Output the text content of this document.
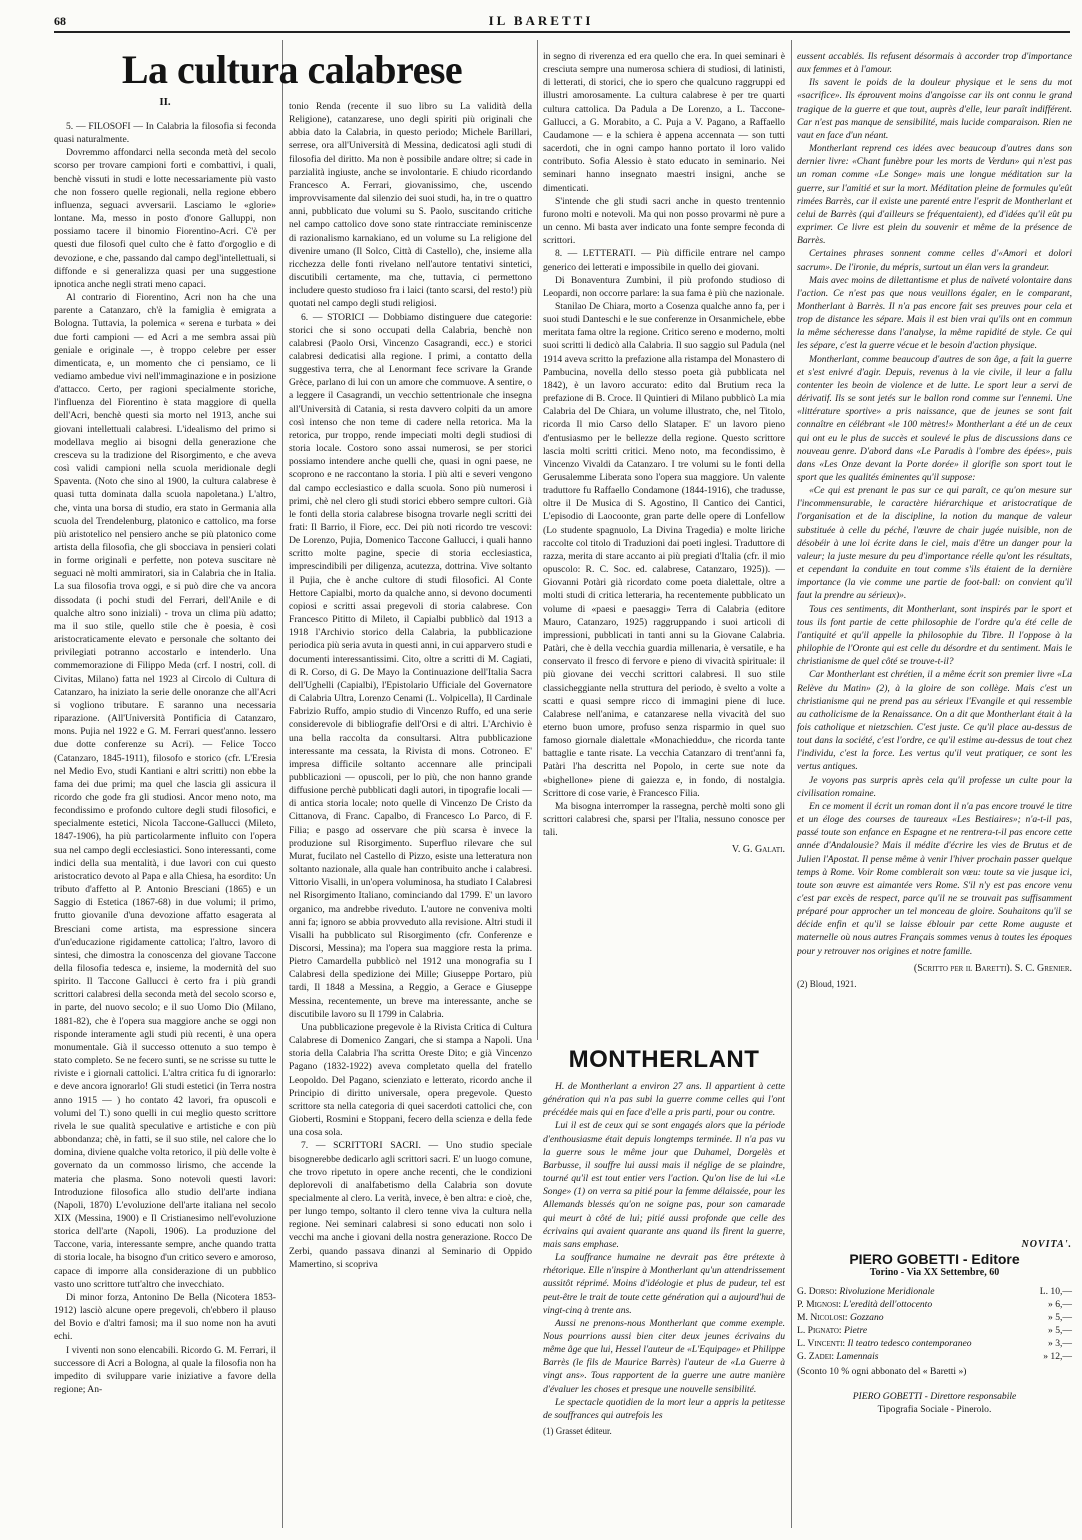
68	IL BARETTI
La cultura calabrese
II.

5. — FILOSOFI — In Calabria la filosofia si feconda quasi naturalmente.

Dovremmo affondarci nella seconda metà del secolo scorso per trovare campioni forti e combattivi, i quali, benchè vissuti in studi e lotte necessariamente più vasto che non fossero quelle regionali, nella regione ebbero influenza, seguaci avversarii. Lasciamo le «glorie» lontane. Ma, messo in posto d'onore Galluppi, non possiamo tacere il binomio Fiorentino-Acri. C'è per questi due filosofi quel culto che è fatto d'orgoglio e di devozione, e che, passando dal campo degl'intellettuali, si diffonde e si generalizza quasi per una suggestione ipnotica anche negli strati meno capaci.

Al contrario di Fiorentino, Acri non ha che una parente a Catanzaro, ch'è la famiglia è emigrata a Bologna. Tuttavia, la polemica « serena e turbata » dei due forti campioni — ed Acri a me sembra assai più geniale e originale —, è troppo celebre per esser dimenticata, e, un momento che ci pensiamo, ce li vediamo ambedue vivi nell'immaginazione e in posizione d'attacco. Certo, per ragioni specialmente storiche, l'influenza del Fiorentino è stata maggiore di quella dell'Acri, benchè questi sia morto nel 1913, anche sui giovani intellettuali calabresi. L'idealismo del primo si modellava meglio ai bisogni della generazione che cresceva su la tradizione del Risorgimento, e che aveva così validi campioni nella scuola meridionale degli Spaventa. (Noto che sino al 1900, la cultura calabrese è quasi tutta dominata dalla scuola napoletana.) L'altro, che, vinta una borsa di studio, era stato in Germania alla scuola del Trendelenburg, platonico e cattolico, ma forse più aristotelico nel pensiero anche se più platonico come artista della filosofia, che gli sbocciava in pensieri colati in forme originali e perfette, non poteva suscitare nè seguaci nè molti ammiratori, sia in Calabria che in Italia. La sua filosofia trova oggi, e si può dire che va ancora dissodata (i pochi studi del Ferrari, dell'Anile e di qualche altro sono iniziali) - trova un clima più adatto; ma il suo stile, quello stile che è poesia, è così aristocraticamente elevato e personale che soltanto dei privilegiati potranno accostarlo e intenderlo. Una commemorazione di Filippo Meda (crf. I nostri, coll. di Civitas, Milano) fatta nel 1923 al Circolo di Cultura di Catanzaro, ha iniziato la serie delle onoranze che all'Acri si vogliono tributare. E saranno una necessaria riparazione. (All'Università Pontificia di Catanzaro, mons. Pujia nel 1922 e G. M. Ferrari quest'anno. lessero due dotte conferenze su Acri). — Felice Tocco (Catanzaro, 1845-1911), filosofo e storico (cfr. L'Eresia nel Medio Evo, studi Kantiani e altri scritti) non ebbe la fama dei due primi; ma quel che lascia gli assicura il ricordo che gode fra gli studiosi. Ancor meno noto, ma fecondissimo e profondo cultore degli studi filosofici, e specialmente estetici, Nicola Taccone-Gallucci (Mileto, 1847-1906), ha più particolarmente influito con l'opera sua nel campo degli ecclesiastici. Sono interessanti, come indici della sua mentalità, i due lavori con cui questo aristocratico devoto al Papa e alla Chiesa, ha esordito: Un tributo d'affetto al P. Antonio Bresciani (1865) e un Saggio di Estetica (1867-68) in due volumi; il primo, frutto giovanile d'una devozione affatto esagerata al Bresciani come artista, ma espressione sincera d'un'educazione rigidamente cattolica; l'altro, lavoro di sintesi, che dimostra la conoscenza del giovane Taccone della filosofia tedesca e, insieme, la modernità del suo spirito. Il Taccone Gallucci è certo fra i più grandi scrittori calabresi della seconda metà del secolo scorso e, in parte, del nuovo secolo; e il suo Uomo Dio (Milano, 1881-82), che è l'opera sua maggiore anche se oggi non risponde interamente agli studi più recenti, è una opera monumentale. Già il successo ottenuto a suo tempo è stato completo. Se ne fecero sunti, se ne scrisse su tutte le riviste e i giornali cattolici. L'altra critica fu di ignorarlo: e deve ancora ignorarlo! Gli studi estetici (in Terra nostra anno 1915 — ) ho contato 42 lavori, fra opuscoli e volumi del T.) sono quelli in cui meglio questo scrittore rivela le sue qualità speculative e artistiche e con più abbondanza; chè, in fatti, se il suo stile, nel calore che lo domina, diviene qualche volta retorico, il più delle volte è governato da un commosso lirismo, che accende la materia che plasma. Sono notevoli questi lavori: Introduzione filosofica allo studio dell'arte indiana (Napoli, 1870) L'evoluzione dell'arte italiana nel secolo XIX (Messina, 1900) e Il Cristianesimo nell'evoluzione storica dell'arte (Napoli, 1906). La produzione del Taccone, varia, interessante sempre, anche quando tratta di storia locale, ha bisogno d'un critico severo e amoroso, capace di imporre alla considerazione di un pubblico vasto uno scrittore tutt'altro che invecchiato.

Di minor forza, Antonino De Bella (Nicotera 1853-1912) lasciò alcune opere pregevoli, ch'ebbero il plauso del Bovio e d'altri famosi; ma il suo nome non ha avuti echi.

I viventi non sono elencabili. Ricordo G. M. Ferrari, il successore di Acri a Bologna, al quale la filosofia non ha impedito di sviluppare varie iniziative a favore della regione; An-

tonio Renda (recente il suo libro su La validità della Religione), catanzarese, uno degli spiriti più originali che abbia dato la Calabria, in questo periodo; Michele Barillari, serrese, ora all'Università di Messina, dedicatosi agli studi di filosofia del diritto. Ma non è possibile andare oltre; si cade in parzialità ingiuste, anche se involontarie. E chiudo ricordando Francesco A. Ferrari, giovanissimo, che, uscendo improvvisamente dal silenzio dei suoi studi, ha, in tre o quattro anni, pubblicato due volumi su S. Paolo, suscitando critiche nel campo cattolico dove sono state rintracciate reminiscenze di razionalismo karnakiano, ed un volume su La religione del divenire umano (Il Solco, Città di Castello), che, insieme alla ricchezza delle fonti rivelano nell'autore tentativi sintetici, discutibili certamente, ma che, tuttavia, ci permettono includere questo studioso fra i laici (tanto scarsi, del resto!) più quotati nel campo degli studi religiosi.

6. — STORICI — Dobbiamo distinguere due categorie: storici che si sono occupati della Calabria, benchè non calabresi (Paolo Orsi, Vincenzo Casagrandi, ecc.) e storici calabresi dedicatisi alla regione. I primi, a contatto della suggestiva terra, che al Lenormant fece scrivare la Grande Grèce, parlano di lui con un amore che commuove. A sentire, o a leggere il Casagrandi, un vecchio settentrionale che insegna all'Università di Catania, si resta davvero colpiti da un amore così intenso che non teme di cadere nella retorica. Ma la retorica, pur troppo, rende impeciati molti degli studiosi di storia locale. Costoro sono assai numerosi, se per storici possiamo intendere anche quelli che, quasi in ogni paese, ne scoprono e ne raccontano la storia. I più alti e severi vengono dal campo ecclesiastico e dalla scuola. Sono più numerosi i primi, chè nel clero gli studi storici ebbero sempre cultori. Già le fonti della storia calabrese bisogna trovarle negli scritti dei frati: Il Barrio, il Fiore, ecc. Dei più noti ricordo tre vescovi: De Lorenzo, Pujia, Domenico Taccone Gallucci, i quali hanno scritto molte pagine, specie di storia ecclesiastica, imprescindibili per diligenza, acutezza, dottrina. Vive soltanto il Pujia, che è anche cultore di studi filosofici. Al Conte Hettore Capialbi, morto da qualche anno, si devono documenti copiosi e scritti assai pregevoli di storia calabrese. Con Francesco Pititto di Mileto, il Capialbi pubblicò dal 1913 a 1918 l'Archivio storico della Calabria, la pubblicazione periodica più seria avuta in questi anni, in cui apparvero studi e documenti interessantissimi. Cito, oltre a scritti di M. Cagiati, di R. Corso, di G. De Mayo la Continuazione dell'Italia Sacra dell'Ughelli (Capialbi), l'Epistolario Ufficiale del Governatore di Calabria Ultra, Lorenzo Cenami (L. Volpicella), Il Cardinale Fabrizio Ruffo, ampio studio di Vincenzo Ruffo, ed una serie considerevole di bibliografie dell'Orsi e di altri. L'Archivio è una bella raccolta da consultarsi. Altra pubblicazione interessante ma cessata, la Rivista di mons. Cotroneo. E' impresa difficile soltanto accennare alle principali pubblicazioni — opuscoli, per lo più, che non hanno grande diffusione perchè pubblicati dagli autori, in tipografie locali — di antica storia locale; noto quelle di Vincenzo De Cristo da Cittanova, di Franc. Capalbo, di Francesco Lo Parco, di F. Filia; e pasgo ad osservare che più scarsa è invece la produzione sul Risorgimento. Superfluo rilevare che sul Murat, fucilato nel Castello di Pizzo, esiste una letteratura non soltanto nazionale, alla quale han contribuito anche i calabresi. Vittorio Visalli, in un'opera voluminosa, ha studiato I Calabresi nel Risorgimento Italiano, cominciando dal 1799. E' un lavoro organico, ma andrebbe riveduto. L'autore ne conveniva molti anni fa; ignoro se abbia provveduto alla revisione. Altri studi il Visalli ha pubblicato sul Risorgimento (cfr. Conferenze e Discorsi, Messina); ma l'opera sua maggiore resta la prima. Pietro Camardella pubblicò nel 1912 una monografia su I Calabresi della spedizione dei Mille; Giuseppe Portaro, più tardi, Il 1848 a Messina, a Reggio, a Gerace e Giuseppe Messina, recentemente, un breve ma interessante, anche se discutibile lavoro su Il 1799 in Calabria.

Una pubblicazione pregevole è la Rivista Critica di Cultura Calabrese di Domenico Zangari, che si stampa a Napoli. Una storia della Calabria l'ha scritta Oreste Dito; e già Vincenzo Pagano (1832-1922) aveva completato quella del fratello Leopoldo. Del Pagano, scienziato e letterato, ricordo anche il Principio di diritto universale, opera pregevole. Questo scrittore sta nella categoria di quei sacerdoti cattolici che, con Gioberti, Rosmini e Stoppani, fecero della scienza e della fede una cosa sola.

7. — SCRITTORI SACRI. — Uno studio speciale bisognerebbe dedicarlo agli scrittori sacri. E' un luogo comune, che trovo ripetuto in opere anche recenti, che le condizioni deplorevoli di analfabetismo della Calabria son dovute specialmente al clero. La verità, invece, è ben altra: e cioè, che, per lungo tempo, soltanto il clero tenne viva la cultura nella regione. Nei seminari calabresi si sono educati non solo i vecchi ma anche i giovani della nostra generazione. Rocco De Zerbi, quando passava dinanzi al Seminario di Oppido Mamertino, si scopriva

in segno di riverenza ed era quello che era. In quei seminari è cresciuta sempre una numerosa schiera di studiosi, di latinisti, di letterati, di storici, che io spero che qualcuno raggruppi ed illustri amorosamente. La cultura calabrese è per tre quarti cultura cattolica. Da Padula a De Lorenzo, a L. Taccone-Gallucci, a G. Morabito, a C. Puja a V. Pagano, a Raffaello Caudamone — e la schiera è appena accennata — son tutti sacerdoti, che in ogni campo hanno portato il loro valido contributo. Sofia Alessio è stato educato in seminario. Nei seminari hanno insegnato maestri insigni, anche se dimenticati.

S'intende che gli studi sacri anche in questo trentennio furono molti e notevoli. Ma qui non posso provarmi nè pure a un cenno. Mi basta aver indicato una fonte sempre feconda di scrittori.

8. — LETTERATI. — Più difficile entrare nel campo generico dei letterati e impossibile in quello dei giovani.

Di Bonaventura Zumbini, il più profondo studioso di Leopardi, non occorre parlare: la sua fama è più che nazionale.

Stanilao De Chiara, morto a Cosenza qualche anno fa, per i suoi studi Danteschi e le sue conferenze in Orsanmichele, ebbe meritata fama oltre la regione. Critico sereno e moderno, molti suoi scritti li dedicò alla Calabria. Il suo saggio sul Padula (nel 1914 aveva scritto la prefazione alla ristampa del Monastero di Pambucina, novella dello stesso poeta già pubblicata nel 1842), è un lavoro accurato: edito dal Brutium reca la prefazione di B. Croce. Il Quintieri di Milano pubblicò La mia Calabria del De Chiara, un volume illustrato, che, nel Titolo, ricorda Il mio Carso dello Slataper. E' un lavoro pieno d'entusiasmo per le bellezze della regione. Questo scrittore lascia molti scritti critici. Meno noto, ma fecondissimo, è Vincenzo Vivaldi da Catanzaro. I tre volumi su le fonti della Gerusalemme Liberata sono l'opera sua maggiore. Un valente traduttore fu Raffaello Condamone (1844-1916), che tradusse, oltre il De Musica di S. Agostino, Il Cantico dei Cantici, L'episodio di Laocoonte, gran parte delle opere di Lonfellow (Lo studente spagnuolo, La Divina Tragedia) e molte liriche raccolte col titolo di Traduzioni dai poeti inglesi. Traduttore di razza, merita di stare accanto ai più pregiati d'Italia (cfr. il mio opuscolo: R. C. Soc. ed. calabrese, Catanzaro, 1925)). — Giovanni Potàri già ricordato come poeta dialettale, oltre a molti studi di critica letteraria, ha recentemente pubblicato un volume di «paesi e paesaggi» Terra di Calabria (editore Mauro, Catanzaro, 1925) raggruppando i suoi articoli di impressioni, pubblicati in tanti anni su la Giovane Calabria. Patàri, che è della vecchia guardia millenaria, è versatile, e ha conservato il fresco di fervore e pieno di vivacità spirituale: il più giovane dei vecchi scrittori calabresi. Il suo stile classicheggiante nella struttura del periodo, è svelto a volte a scatti e quasi sempre ricco di immagini piene di luce. Calabrese nell'anima, e catanzarese nella vivacità del suo eterno buon umore, profuso senza risparmio in quel suo famoso giornale dialettale «Monachieddu», che ricorda tante battaglie e tante risate. La vecchia Catanzaro di trent'anni fa, Patàri l'ha descritta nel Popolo, in certe sue note da «bighellone» piene di gaiezza e, in fondo, di nostalgia. Scrittore di cose varie, è Francesco Filia.

Ma bisogna interromper la rassegna, perchè molti sono gli scrittori calabresi che, sparsi per l'Italia, nessuno conosce per tali.

V. G. Galati.

MONTHERLANT

H. de Montherlant a environ 27 ans. Il appartient à cette génération qui n'a pas subi la guerre comme celles qui l'ont précédée mais qui en face d'elle a pris parti, pour ou contre.

Lui il est de ceux qui se sont engagés alors que la période d'enthousiasme était depuis longtemps terminée. Il n'a pas vu la guerre sous le même jour que Duhamel, Dorgelès et Barbusse, il souffre lui aussi mais il néglige de se plaindre, tourné qu'il est tout entier vers l'action. Qu'on lise de lui «Le Songe» (1) on verra sa pitié pour la femme délaissée, pour les Allemands blessés qu'on ne soigne pas, pour son camarade qui meurt à côté de lui; pitié aussi profonde que celle des écrivains qui avaient quarante ans quand ils firent la guerre, mais sans emphase.

La souffrance humaine ne devrait pas être prétexte à rhétorique. Elle n'inspire à Montherlant qu'un attendrissement aussitôt réprimé. Moins d'idéologie et plus de pudeur, tel est peut-être le trait de toute cette génération qui a aujourd'hui de vingt-cinq à trente ans.

Aussi ne prenons-nous Montherlant que comme exemple. Nous pourrions aussi bien citer deux jeunes écrivains du même âge que lui, Hessel l'auteur de «L'Equipage» et Philippe Barrès (le fils de Maurice Barrès) l'auteur de «La Guerre à vingt ans». Tous rapportent de la guerre une autre manière d'évaluer les choses et presque une nouvelle sensibilité.

Le spectacle quotidien de la mort leur a appris la petitesse de souffrances qui autrefois les

(1) Grasset éditeur.

eussent accablés. Ils refusent désormais à accorder trop d'importance aux femmes et à l'amour.

Ils savent le poids de la douleur physique et le sens du mot «sacrifice». Ils éprouvent moins d'angoisse car ils ont connu le grand tragique de la guerre et que tout, auprès d'elle, leur paraît indifférent. Car n'est pas manque de sensibilité, mais lucide comparaison. Rien ne vaut en face d'un néant.

Montherlant reprend ces idées avec beaucoup d'autres dans son dernier livre: «Chant funèbre pour les morts de Verdun» qui n'est pas un roman comme «Le Songe» mais une longue méditation sur la guerre, sur l'amitié et sur la mort. Méditation pleine de formules qu'eût rimées Barrès, car il existe une parenté entre l'esprit de Montherlant et celui de Barrès (qui d'ailleurs se fréquentaient), ed d'idées qu'il eût pu exprimer. Ce livre est plein du souvenir et même de la présence de Barrès.

Certaines phrases sonnent comme celles d'«Amori et dolori sacrum». De l'ironie, du mépris, surtout un élan vers la grandeur.

Mais avec moins de dilettantisme et plus de naïveté volontaire dans l'action. Ce n'est pas que nous veuillons égaler, en le comparant, Montherlant à Barrès. Il n'a pas encore fait ses preuves pour cela et trop de distance les sépare. Mais il est bien vrai qu'ils ont en commun la même sécheresse dans l'analyse, la même rapidité de style. Ce qui les sépare, c'est la guerre vécue et le besoin d'action physique.

Montherlant, comme beaucoup d'autres de son âge, a fait la guerre et s'est enivré d'agir. Depuis, revenus à la vie civile, il leur a fallu contenter les beoin de violence et de lutte. Le sport leur a servi de dérivatif. Ils se sont jetés sur le ballon rond comme sur l'ennemi. Une «littérature sportive» a pris naissance, que de jeunes se sont fait connaître en célébrant «le 100 mètres!» Montherlant a été un de ceux qui ont eu le plus de succès et soulevé le plus de discussions dans ce nouveau genre. D'abord dans «Le Paradis à l'ombre des épées», puis dans «Les Onze devant la Porte dorée» il glorifie son sport tout le sport que les qualités éminentes qu'il suppose:

«Ce qui est prenant le pas sur ce qui paraît, ce qu'on mesure sur l'incommensurable, le caractère hiérarchique et aristocratique de l'organisation et de la discipline, la notion du manque de valeur substituée à celle du péché, l'œuvre de chair jugée nuisible, non de désobéir à une loi écrite dans le ciel, mais d'être un danger pour la valeur; la juste mesure du peu d'importance réelle qu'ont les résultats, et cependant la conduite en tout comme s'ils étaient de la dernière importance (la vie comme une partie de foot-ball: on convient qu'il faut la prendre au sérieux)».

Tous ces sentiments, dit Montherlant, sont inspirés par le sport et tous ils font partie de cette philosophie de l'ordre qu'a été celle de l'antiquité et qu'il appelle la philosophie du Tibre. Il l'oppose à la philophie de l'Oronte qui est celle du désordre et du sentiment. Mais le christianisme de quel côté se trouve-t-il?

Car Montherlant est chrétien, il a même écrit son premier livre «La Relève du Matin» (2), à la gloire de son collège. Mais c'est un christianisme qui ne prend pas au sérieux l'Evangile et qui ressemble au catholicisme de la Renaissance. On a dit que Montherlant était à la fois catholique et nietzschien. C'est juste. Ce qu'il place au-dessus de tout dans la société, c'est l'ordre, ce qu'il estime au-dessus de tout chez l'individu, c'est la force. Les vertus qu'il veut pratiquer, ce sont les vertus antiques.

Je voyons pas surpris après cela qu'il professe un culte pour la civilisation romaine.

En ce moment il écrit un roman dont il n'a pas encore trouvé le titre et un éloge des courses de taureaux «Les Bestiaires»; n'a-t-il pas, passé toute son enfance en Espagne et ne rentrera-t-il pas encore cette année d'Andalousie? Mais il médite d'écrire les vies de Brutus et de Julien l'Apostat. Il pense même à venir l'hiver prochain passer quelque temps à Rome. Voir Rome comblerait son vœu: toute sa vie jusque ici, toute son œuvre est aimantée vers Rome. S'il n'y est pas encore venu c'est par excès de respect, parce qu'il ne se trouvait pas suffisamment préparé pour approcher un tel monceau de gloire. Souhaitons qu'il se décide enfin et qu'il se laisse éblouir par cette Rome auguste et maternelle où nous autres Français sommes venus à toutes les époques pour y retrouver nos origines et notre famille.

(Scritto per il Baretti). S. C. Grenier.

(2) Bloud, 1921.

NOVITA'.
PIERO GOBETTI - Editore
Torino - Via XX Settembre, 60
G. Dorso: Rivoluzione Meridionale	L. 10,—
P. Mignosi: L'eredità dell'ottocento	» 6,—
M. Nicolosi: Gozzano	» 5,—
L. Pignato: Pietre	» 5,—
L. Vincenti: Il teatro tedesco contemporaneo	» 3,—
G. Zadei: Lamennais	» 12,—
(Sconto 10 % ogni abbonato del « Baretti »)
PIERO GOBETTI - Direttore responsabile
Tipografia Sociale - Pinerolo.
